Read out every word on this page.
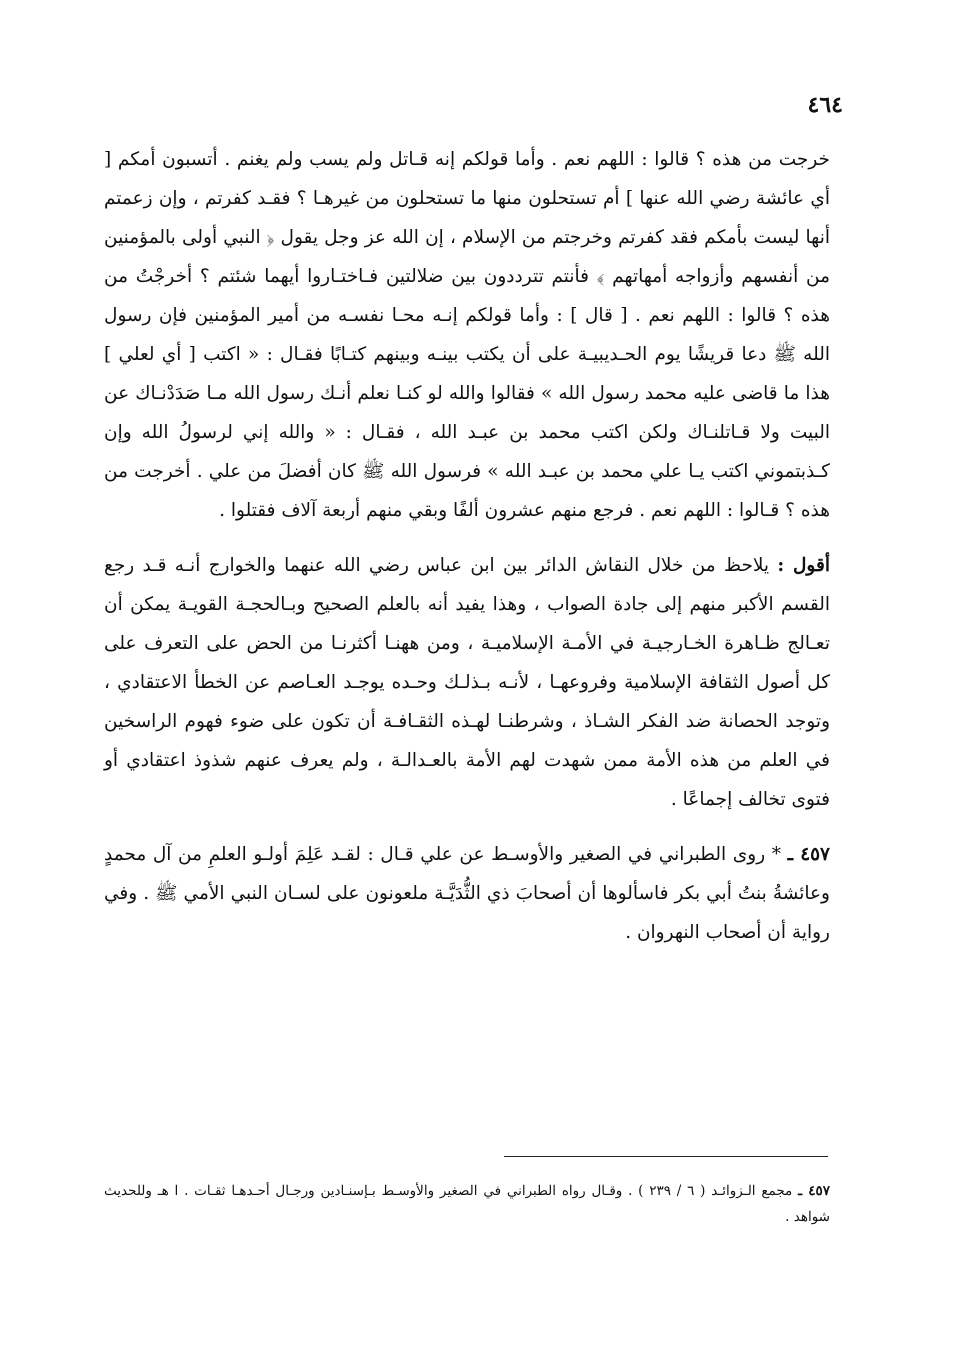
٤٦٤

خرجت من هذه ؟ قالوا : اللهم نعم . وأما قولكم إنه قـاتل ولم يسب ولم يغنم . أتسبون أمكم [ أي عائشة رضي الله عنها ] أم تستحلون منها ما تستحلون من غيرهـا ؟ فقـد كفرتم ، وإن زعمتم أنها ليست بأمكم فقد كفرتم وخرجتم من الإسلام ، إن الله عز وجل يقول ﴿ النبي أولى بالمؤمنين من أنفسهم وأزواجه أمهاتهم ﴾ فأنتم تترددون بين ضلالتين فـاختـاروا أيهما شئتم ؟ أخرجْتُ من هذه ؟ قالوا : اللهم نعم . [ قال ] : وأما قولكم إنـه محـا نفسـه من أمير المؤمنين فإن رسول الله ﷺ دعا قريشًا يوم الحـديبيـة على أن يكتب بينـه وبينهم كتـابًا فقـال : « اكتب [ أي لعلي ] هذا ما قاضى عليه محمد رسول الله » فقالوا والله لو كنـا نعلم أنـك رسول الله مـا صَدَدْنـاك عن البيت ولا قـاتلنـاك ولكن اكتب محمد بن عبـد الله ، فقـال : « والله إني لرسولُ الله وإن كـذبتموني اكتب يـا علي محمد بن عبـد الله » فرسول الله ﷺ كان أفضلَ من علي . أخرجت من هذه ؟ قـالوا : اللهم نعم . فرجع منهم عشرون ألفًا وبقي منهم أربعة آلاف فقتلوا .

أقول : يلاحظ من خلال النقاش الدائر بين ابن عباس رضي الله عنهما والخوارج أنـه قـد رجع القسم الأكبر منهم إلى جادة الصواب ، وهذا يفيد أنه بالعلم الصحيح وبـالحجـة القويـة يمكن أن تعـالج ظـاهرة الخـارجيـة في الأمـة الإسلاميـة ، ومن ههنـا أكثرنـا من الحض على التعرف على كل أصول الثقافة الإسلامية وفروعهـا ، لأنـه بـذلـك وحـده يوجـد العـاصم عن الخطأ الاعتقادي ، وتوجد الحصانة ضد الفكر الشـاذ ، وشرطنـا لهـذه الثقـافـة أن تكون على ضوء فهوم الراسخين في العلم من هذه الأمة ممن شهدت لهم الأمة بالعـدالـة ، ولم يعرف عنهم شذوذ اعتقادي أو فتوى تخالف إجماعًا .

٤٥٧ ـ * روى الطبراني في الصغير والأوسـط عن علي قـال : لقـد عَلِمَ أولـو العلمِ من آل محمدٍ وعائشةُ بنتُ أبي بكر فاسألوها أن أصحابَ ذي الثُّدَيَّـة ملعونون على لسـان النبي الأمي ﷺ . وفي رواية أن أصحاب النهروان .

٤٥٧ ـ مجمع الـزوائـد ( ٦ / ٢٣٩ ) . وقـال رواه الطبراني في الصغير والأوسـط بـإسنـادين ورجـال أحـدهـا ثقـات . ا هـ وللحديث شواهد .
